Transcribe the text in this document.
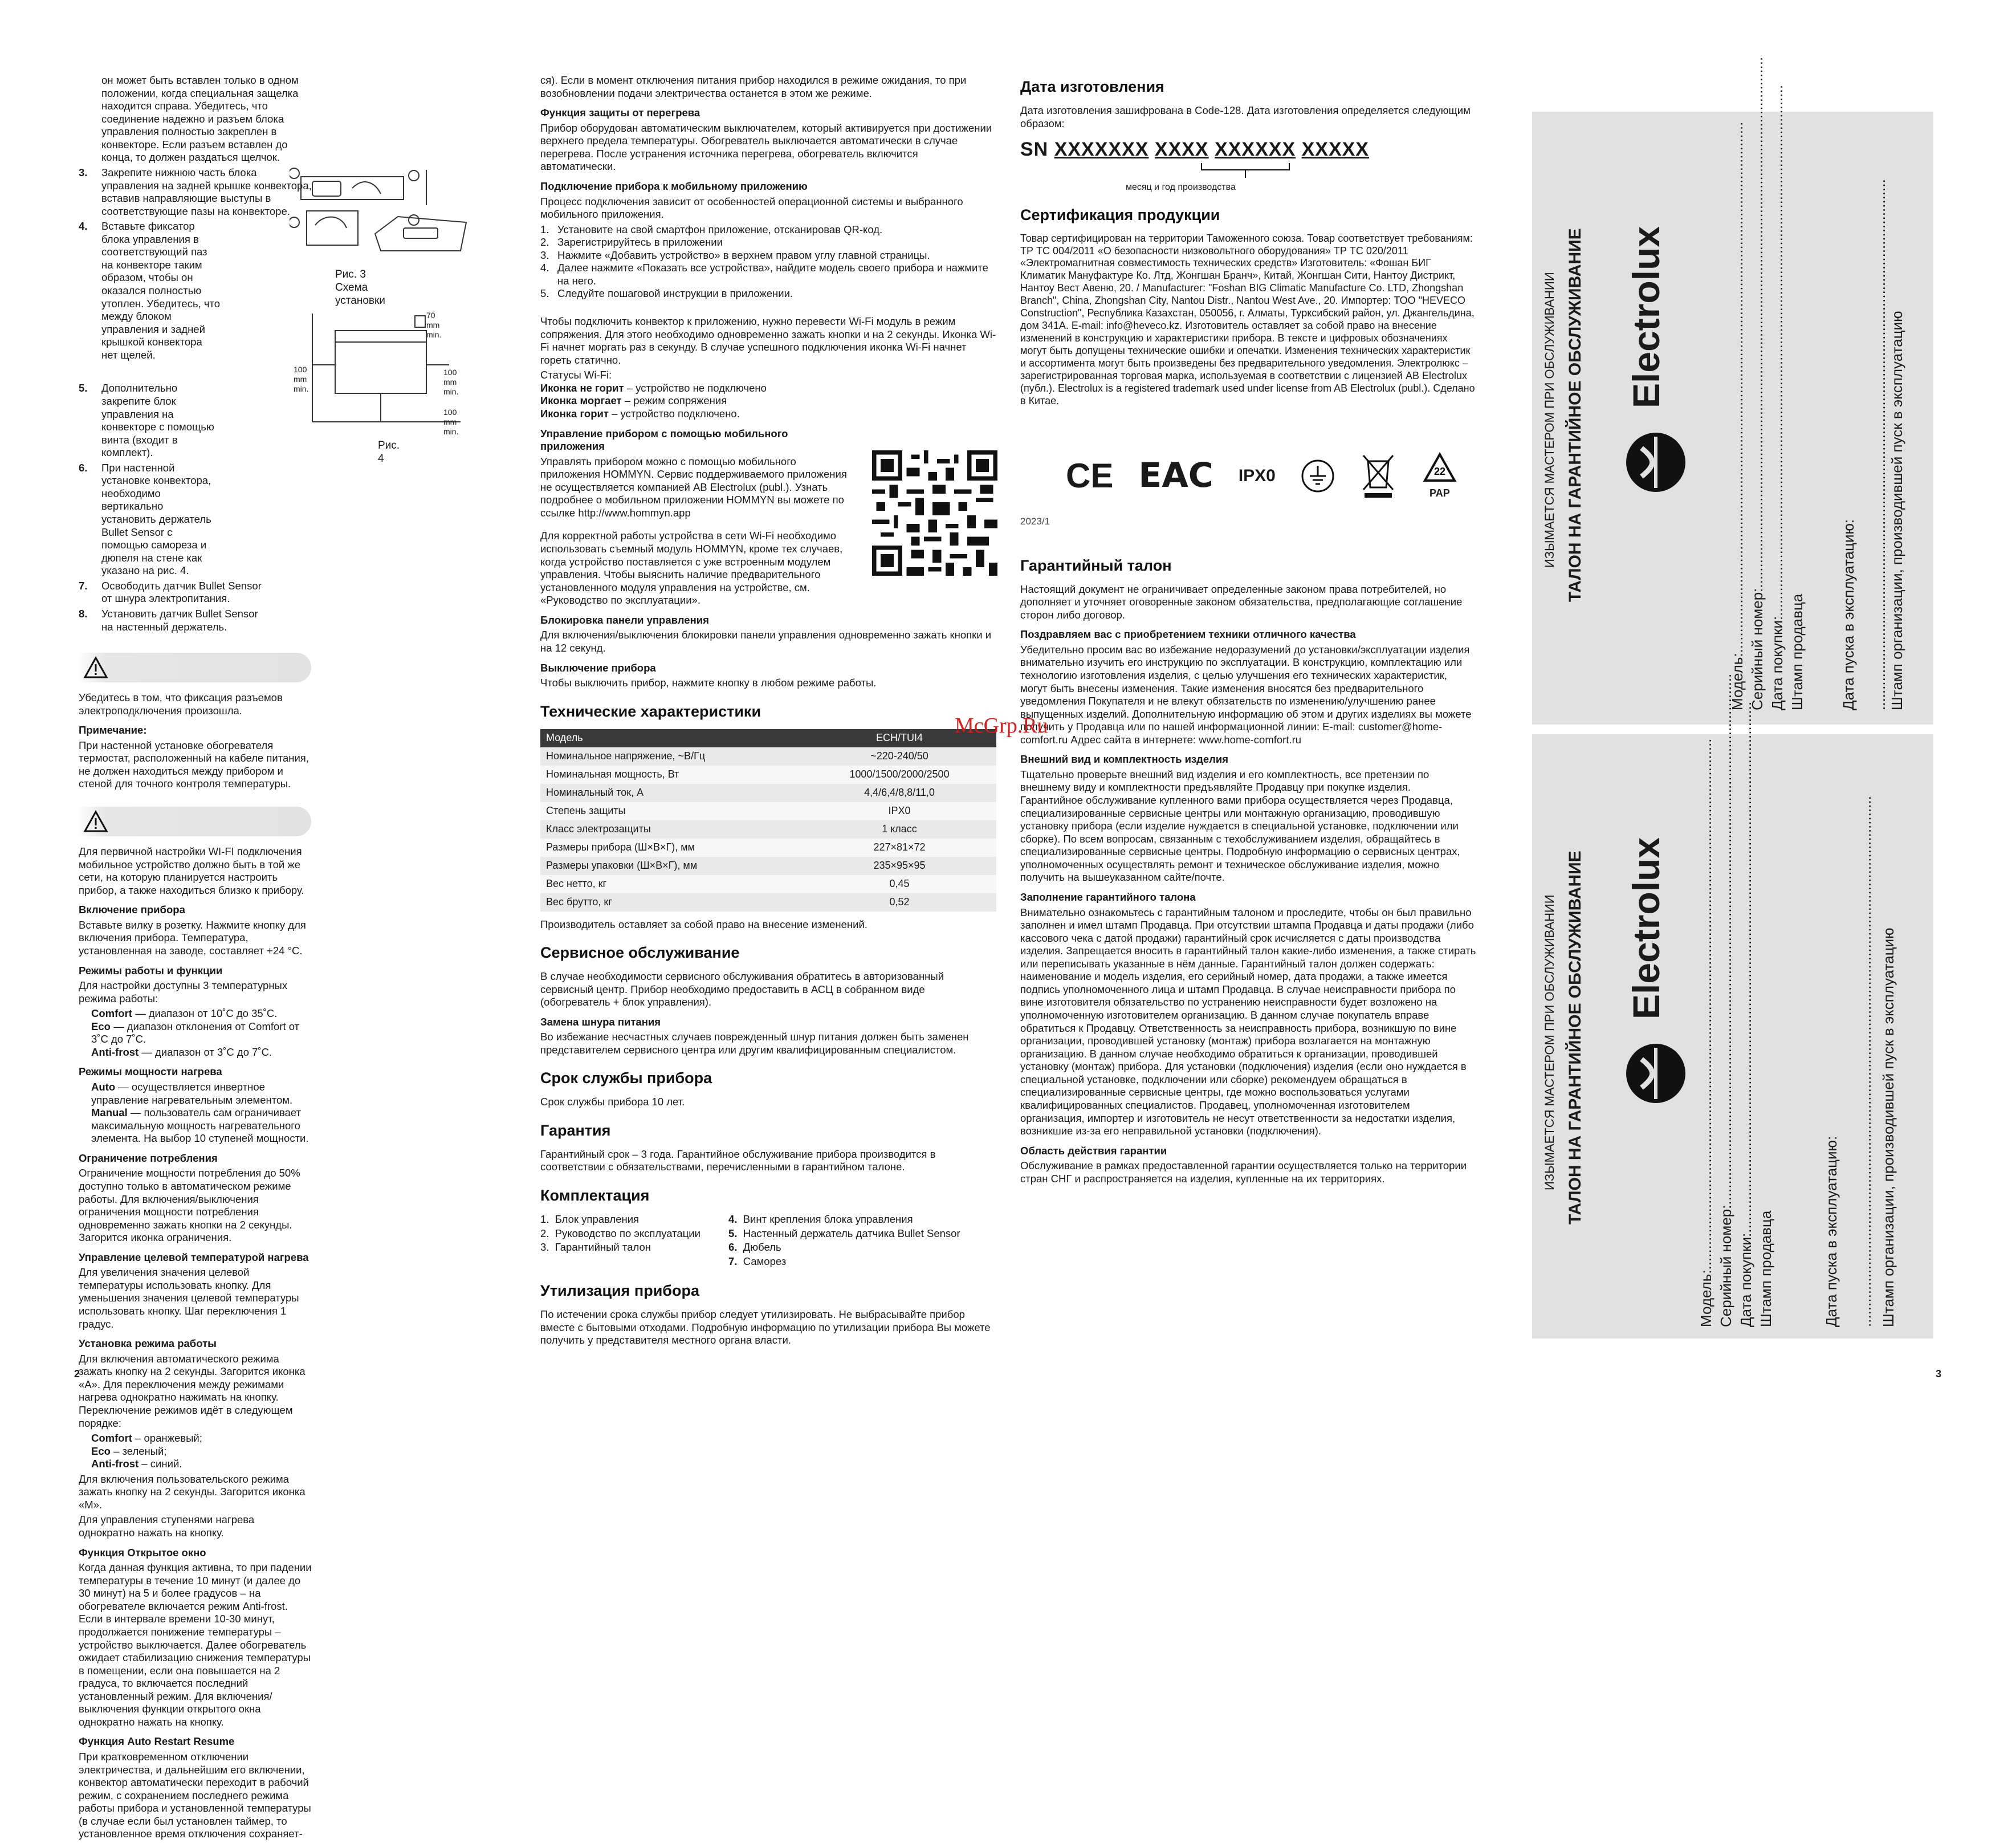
он может быть вставлен только в одном положении, когда специальная защелка находится справа. Убедитесь, что соединение надежно и разъем блока управления полностью закреплен в конвекторе. Если разъем вставлен до конца, то должен раздаться щелчок.

3. Закрепите нижнюю часть блока управления на задней крышке конвектора, вставив направляющие выступы в соответствующие пазы на конвекторе.

4. Вставьте фиксатор блока управления в соответствующий паз на конвекторе таким образом, чтобы он оказался полностью утоплен. Убедитесь, что между блоком управления и задней крышкой конвектора нет щелей.

Рис. 3 Схема установки

5. Дополнительно закрепите блок управления на конвекторе с помощью винта (входит в комплект).

6. При настенной установке конвектора, необходимо вертикально установить держатель Bullet Sensor с помощью самореза и дюпеля на стене как указано на рис. 4.

7. Освободить датчик Bullet Sensor от шнура электропитания.

8. Установить датчик Bullet Sensor на настенный держатель.

70 mm min.
100 mm min.
100 mm min.
100 mm min.
Рис. 4

Убедитесь в том, что фиксация разъемов электроподключения произошла.

Примечание:

При настенной установке обогревателя термостат, расположенный на кабеле питания, не должен находиться между прибором и стеной для точного контроля температуры.

Для первичной настройки WI-FI подключения мобильное устройство должно быть в той же сети, на которую планируется настроить прибор, а также находиться близко к прибору.

Включение прибора

Вставьте вилку в розетку. Нажмите кнопку для включения прибора. Температура, установленная на заводе, составляет +24 °С.

Режимы работы и функции

Для настройки доступны 3 температурных режима работы:

Comfort — диапазон от 10˚С до 35˚С.

Eco — диапазон отклонения от Comfort от 3˚С до 7˚С.

Anti-frost — диапазон от 3˚С до 7˚С.

Режимы мощности нагрева

Auto — осуществляется инвертное управление нагревательным элементом.

Manual — пользователь сам ограничивает максимальную мощность нагревательного элемента. На выбор 10 ступеней мощности.

Ограничение потребления

Ограничение мощности потребления до 50% доступно только в автоматическом режиме работы. Для включения/выключения ограничения мощности потребления одновременно зажать кнопки на 2 секунды. Загорится иконка ограничения.

Управление целевой температурой нагрева

Для увеличения значения целевой температуры использовать кнопку. Для уменьшения значения целевой температуры использовать кнопку. Шаг переключения 1 градус.

Установка режима работы

Для включения автоматического режима зажать кнопку на 2 секунды. Загорится иконка «А». Для переключения между режимами нагрева однократно нажимать на кнопку. Переключение режимов идёт в следующем порядке:

Comfort – оранжевый;

Eco – зеленый;

Anti-frost – синий.

Для включения пользовательского режима зажать кнопку на 2 секунды. Загорится иконка «M».

Для управления ступенями нагрева однократно нажать на кнопку.

Функция Открытое окно

Когда данная функция активна, то при падении температуры в течение 10 минут (и далее до 30 минут) на 5 и более градусов – на обогревателе включается режим Anti-frost. Если в интервале времени 10-30 минут, продолжается понижение температуры – устройство выключается. Далее обогреватель ожидает стабилизацию снижения температуры в помещении, если она повышается на 2 градуса, то включается последний установленный режим. Для включения/выключения функции открытого окна однократно нажать на кнопку.

Функция Auto Restart Resume

При кратковременном отключении электричества, и дальнейшим его включении, конвектор автоматически переходит в рабочий режим, с сохранением последнего режима работы прибора и установленной температуры (в случае если был установлен таймер, то установленное время отключения сохраняет-

ся). Если в момент отключения питания прибор находился в режиме ожидания, то при возобновлении подачи электричества останется в этом же режиме.

Функция защиты от перегрева

Прибор оборудован автоматическим выключателем, который активируется при достижении верхнего предела температуры. Обогреватель выключается автоматически в случае перегрева. После устранения источника перегрева, обогреватель включится автоматически.

Подключение прибора к мобильному приложению

Процесс подключения зависит от особенностей операционной системы и выбранного мобильного приложения.

1. Установите на свой смартфон приложение, отсканировав QR-код.

2. Зарегистрируйтесь в приложении

3. Нажмите «Добавить устройство» в верхнем правом углу главной страницы.

4. Далее нажмите «Показать все устройства», найдите модель своего прибора и нажмите на него.

5. Следуйте пошаговой инструкции в приложении.

Чтобы подключить конвектор к приложению, нужно перевести Wi-Fi модуль в режим сопряжения. Для этого необходимо одновременно зажать кнопки и на 2 секунды. Иконка Wi-Fi начнет моргать раз в секунду. В случае успешного подключения иконка Wi-Fi начнет гореть статично.

Статусы Wi-Fi:

Иконка не горит – устройство не подключено

Иконка моргает – режим сопряжения

Иконка горит – устройство подключено.

Управление прибором с помощью мобильного приложения

Управлять прибором можно с помощью мобильного приложения HOMMYN. Сервис поддерживаемого приложения не осуществляется компанией AB Electrolux (publ.). Узнать подробнее о мобильном приложении HOMMYN вы можете по ссылке http://www.hommyn.app

Для корректной работы устройства в сети Wi-Fi необходимо использовать съемный модуль HOMMYN, кроме тех случаев, когда устройство поставляется с уже встроенным модулем управления. Чтобы выяснить наличие предварительного установленного модуля управления на устройстве, см. «Руководство по эксплуатации».

Блокировка панели управления

Для включения/выключения блокировки панели управления одновременно зажать кнопки и на 12 секунд.

Выключение прибора

Чтобы выключить прибор, нажмите кнопку в любом режиме работы.

Технические характеристики
Модель	ECH/TUI4
Номинальное напряжение, ~В/Гц	~220-240/50
Номинальная мощность, Вт	1000/1500/2000/2500
Номинальный ток, А	4,4/6,4/8,8/11,0
Степень защиты	IPX0
Класс электрозащиты	1 класс
Размеры прибора (Ш×В×Г), мм	227×81×72
Размеры упаковки (Ш×В×Г), мм	235×95×95
Вес нетто, кг	0,45
Вес брутто, кг	0,52

Производитель оставляет за собой право на внесение изменений.

Сервисное обслуживание

В случае необходимости сервисного обслуживания обратитесь в авторизованный сервисный центр. Прибор необходимо предоставить в АСЦ в собранном виде (обогреватель + блок управления).

Замена шнура питания

Во избежание несчастных случаев поврежденный шнур питания должен быть заменен представителем сервисного центра или другим квалифицированным специалистом.

Срок службы прибора

Срок службы прибора 10 лет.

Гарантия

Гарантийный срок – 3 года. Гарантийное обслуживание прибора производится в соответствии с обязательствами, перечисленными в гарантийном талоне.

Комплектация
1. Блок управления	4. Винт крепления блока управления
2. Руководство по эксплуатации	5. Настенный держатель датчика Bullet Sensor
3. Гарантийный талон	6. Дюбель
7. Саморез
Утилизация прибора

По истечении срока службы прибор следует утилизировать. Не выбрасывайте прибор вместе с бытовыми отходами. Подробную информацию по утилизации прибора Вы можете получить у представителя местного органа власти.

Дата изготовления

Дата изготовления зашифрована в Code-128. Дата изготовления определяется следующим образом:

SN XXXXXXX XXXX XXXXXX XXXXX

месяц и год производства

Сертификация продукции

Товар сертифицирован на территории Таможенного союза. Товар соответствует требованиям: ТР ТС 004/2011 «О безопасности низковольтного оборудования» ТР ТС 020/2011 «Электромагнитная совместимость технических средств» Изготовитель: «Фошан БИГ Климатик Мануфактуре Ко. Лтд, Жонгшан Бранч», Китай, Жонгшан Сити, Нантоу Дистрикт, Нантоу Вест Авеню, 20. / Manufacturer: "Foshan BIG Climatic Manufacture Co. LTD, Zhongshan Branch", China, Zhongshan City, Nantou Distr., Nantou West Ave., 20. Импортер: ТОО "HEVECO Construction", Республика Казахстан, 050056, г. Алматы, Турксибский район, ул. Джангельдина, дом 341А. E-mail: info@heveco.kz. Изготовитель оставляет за собой право на внесение изменений в конструкцию и характеристики прибора. В тексте и цифровых обозначениях могут быть допущены технические ошибки и опечатки. Изменения технических характеристик и ассортимента могут быть произведены без предварительного уведомления. Электролюкс – зарегистрированная торговая марка, используемая в соответствии с лицензией AB Electrolux (публ.). Electrolux is a registered trademark used under license from AB Electrolux (publ.). Сделано в Китае.

CE EAC IPX0	22
PAP

2023/1

Гарантийный талон

Настоящий документ не ограничивает определенные законом права потребителей, но дополняет и уточняет оговоренные законом обязательства, предполагающие соглашение сторон либо договор.

Поздравляем вас с приобретением техники отличного качества

Убедительно просим вас во избежание недоразумений до установки/эксплуатации изделия внимательно изучить его инструкцию по эксплуатации. В конструкцию, комплектацию или технологию изготовления изделия, с целью улучшения его технических характеристик, могут быть внесены изменения. Такие изменения вносятся без предварительного уведомления Покупателя и не влекут обязательств по изменению/улучшению ранее выпущенных изделий. Дополнительную информацию об этом и других изделиях вы можете получить у Продавца или по нашей информационной линии: E-mail: customer@home-comfort.ru Адрес сайта в интернете: www.home-comfort.ru

Внешний вид и комплектность изделия

Тщательно проверьте внешний вид изделия и его комплектность, все претензии по внешнему виду и комплектности предъявляйте Продавцу при покупке изделия. Гарантийное обслуживание купленного вами прибора осуществляется через Продавца, специализированные сервисные центры или монтажную организацию, проводившую установку прибора (если изделие нуждается в специальной установке, подключении или сборке). По всем вопросам, связанным с техобслуживанием изделия, обращайтесь в специализированные сервисные центры. Подробную информацию о сервисных центрах, уполномоченных осуществлять ремонт и техническое обслуживание изделия, можно получить на вышеуказанном сайте/почте.

Заполнение гарантийного талона

Внимательно ознакомьтесь с гарантийным талоном и проследите, чтобы он был правильно заполнен и имел штамп Продавца. При отсутствии штампа Продавца и даты продажи (либо кассового чека с датой продажи) гарантийный срок исчисляется с даты производства изделия. Запрещается вносить в гарантийный талон какие-либо изменения, а также стирать или переписывать указанные в нём данные. Гарантийный талон должен содержать: наименование и модель изделия, его серийный номер, дата продажи, а также имеется подпись уполномоченного лица и штамп Продавца. В случае неисправности прибора по вине изготовителя обязательство по устранению неисправности будет возложено на уполномоченную изготовителем организацию. В данном случае покупатель вправе обратиться к Продавцу. Ответственность за неисправность прибора, возникшую по вине организации, проводившей установку (монтаж) прибора возлагается на монтажную организацию. В данном случае необходимо обратиться к организации, проводившей установку (монтаж) прибора. Для установки (подключения) изделия (если оно нуждается в специальной установке, подключении или сборке) рекомендуем обращаться в специализированные сервисные центры, где можно воспользоваться услугами квалифицированных специалистов. Продавец, уполномоченная изготовителем организация, импортер и изготовитель не несут ответственности за недостатки изделия, возникшие из-за его неправильной установки (подключения).

Область действия гарантии

Обслуживание в рамках предоставленной гарантии осуществляется только на территории стран СНГ и распространяется на изделия, купленные на их территориях.

ИЗЫМАЕТСЯ МАСТЕРОМ ПРИ ОБСЛУЖИВАНИИ ТАЛОН НА ГАРАНТИЙНОЕ ОБСЛУЖИВАНИЕ Electrolux
Модель:................................................................................................................................. Серийный номер:.................................................................................................................................
Дата покупки:.................................................................................................................................
Штамп продавца Дата пуска в эксплуатацию: ................................................................................................................................. Штамп организации, производившей пуск в эксплуатацию
ИЗЫМАЕТСЯ МАСТЕРОМ ПРИ ОБСЛУЖИВАНИИ ТАЛОН НА ГАРАНТИЙНОЕ ОБСЛУЖИВАНИЕ Electrolux
Модель:................................................................................................................................. Серийный номер:.................................................................................................................................
Дата покупки:.................................................................................................................................
Штамп продавца	Дата пуска в эксплуатацию: ................................................................................................................................. Штамп организации, производившей пуск в эксплуатацию
McGrp.Ru
2	3
